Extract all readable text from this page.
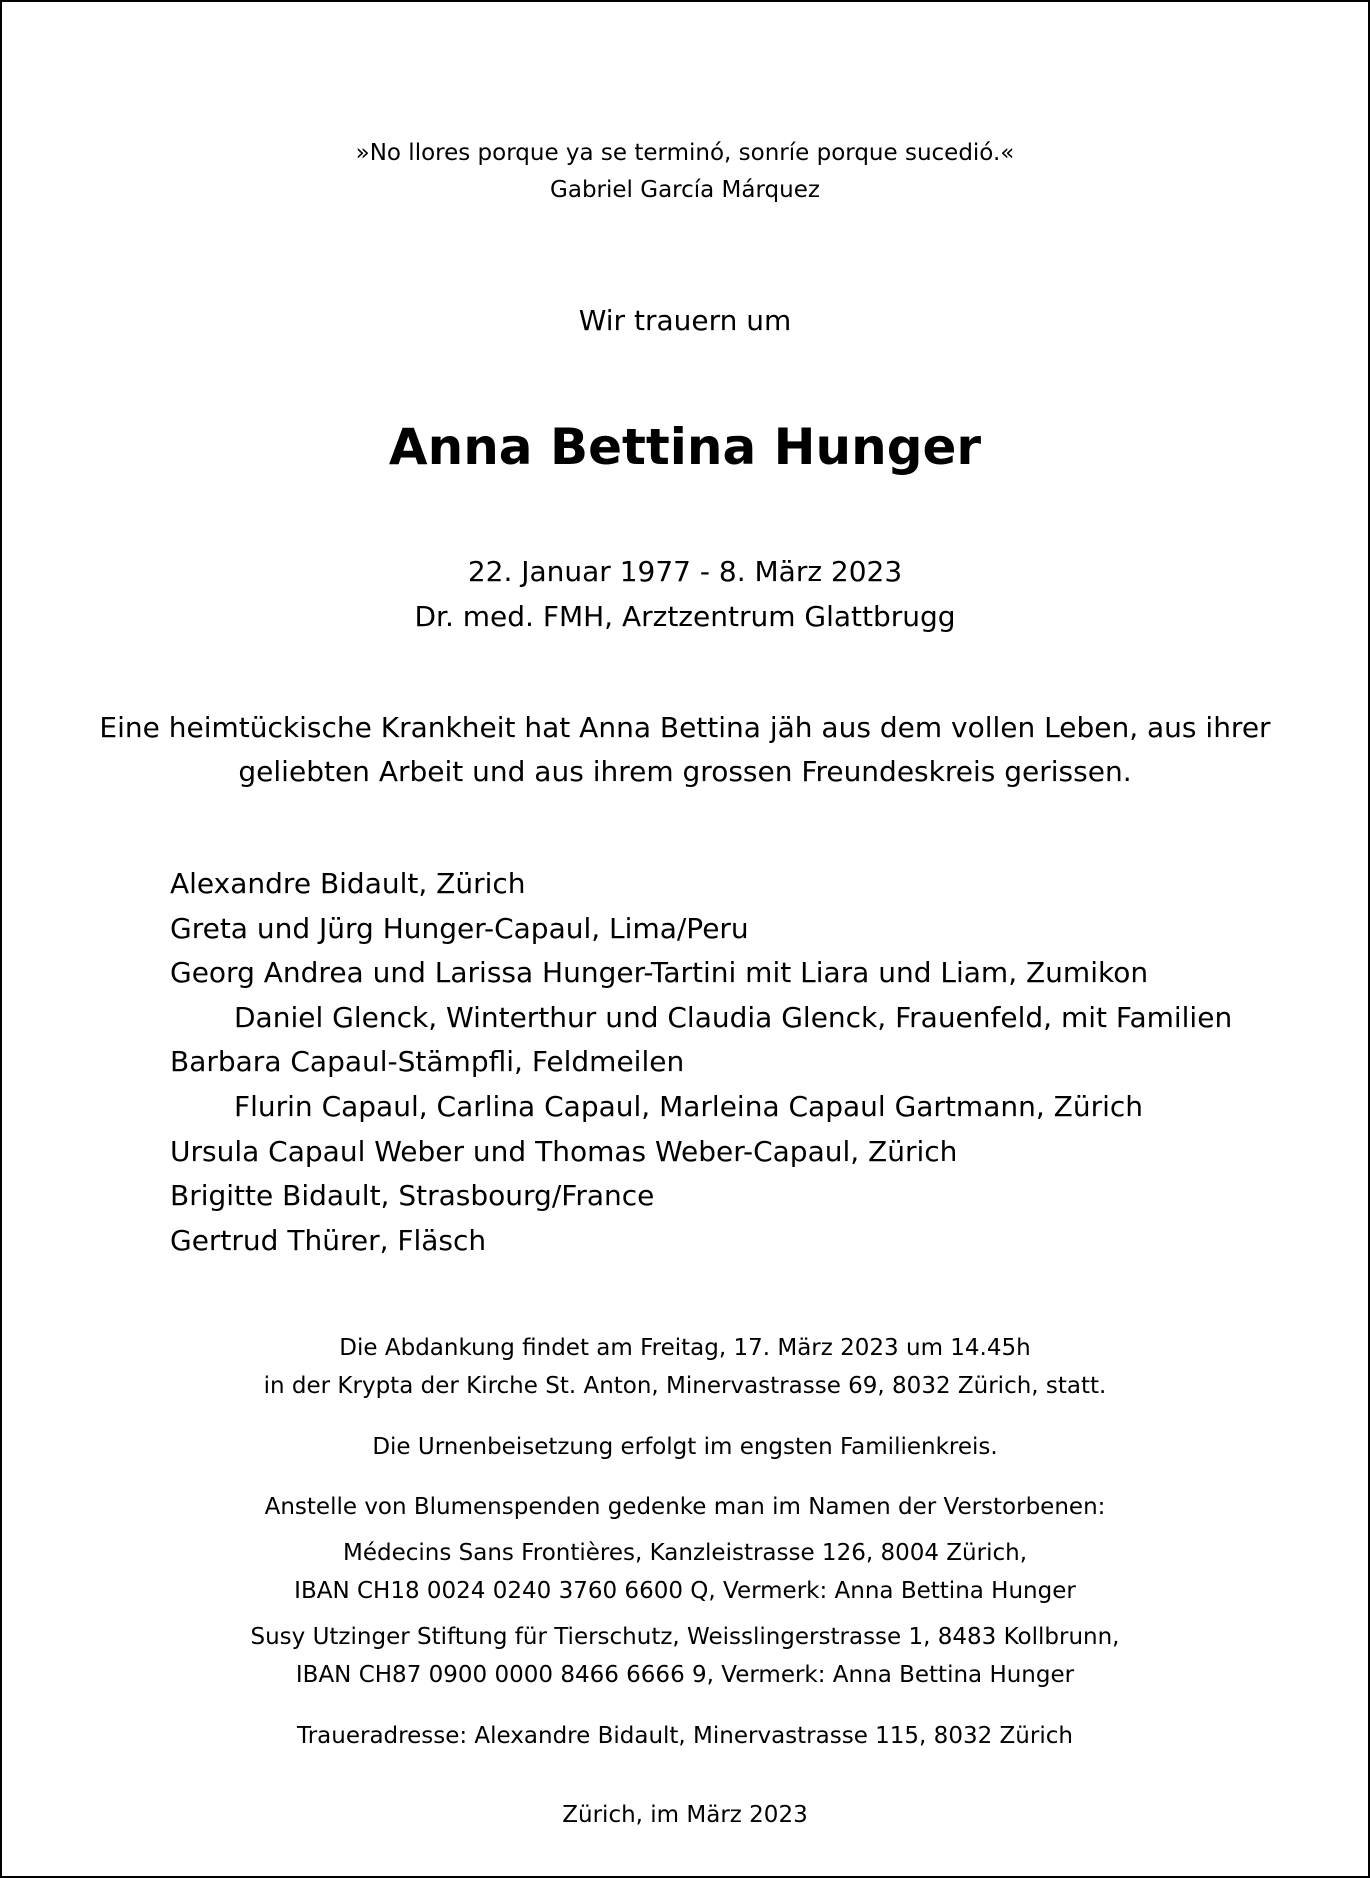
»No llores porque ya se terminó, sonríe porque sucedió.«
Gabriel García Márquez
Wir trauern um
Anna Bettina Hunger
22. Januar 1977 - 8. März 2023
Dr. med. FMH, Arztzentrum Glattbrugg
Eine heimtückische Krankheit hat Anna Bettina jäh aus dem vollen Leben, aus ihrer
geliebten Arbeit und aus ihrem grossen Freundeskreis gerissen.
Alexandre Bidault, Zürich
Greta und Jürg Hunger-Capaul, Lima/Peru
Georg Andrea und Larissa Hunger-Tartini mit Liara und Liam, Zumikon
Daniel Glenck, Winterthur und Claudia Glenck, Frauenfeld, mit Familien
Barbara Capaul-Stämpfli, Feldmeilen
Flurin Capaul, Carlina Capaul, Marleina Capaul Gartmann, Zürich
Ursula Capaul Weber und Thomas Weber-Capaul, Zürich
Brigitte Bidault, Strasbourg/France
Gertrud Thürer, Fläsch
Die Abdankung findet am Freitag, 17. März 2023 um 14.45h
in der Krypta der Kirche St. Anton, Minervastrasse 69, 8032 Zürich, statt.
Die Urnenbeisetzung erfolgt im engsten Familienkreis.
Anstelle von Blumenspenden gedenke man im Namen der Verstorbenen:
Médecins Sans Frontières, Kanzleistrasse 126, 8004 Zürich,
IBAN CH18 0024 0240 3760 6600 Q, Vermerk: Anna Bettina Hunger
Susy Utzinger Stiftung für Tierschutz, Weisslingerstrasse 1, 8483 Kollbrunn,
IBAN CH87 0900 0000 8466 6666 9, Vermerk: Anna Bettina Hunger
Traueradresse: Alexandre Bidault, Minervastrasse 115, 8032 Zürich
Zürich, im März 2023
